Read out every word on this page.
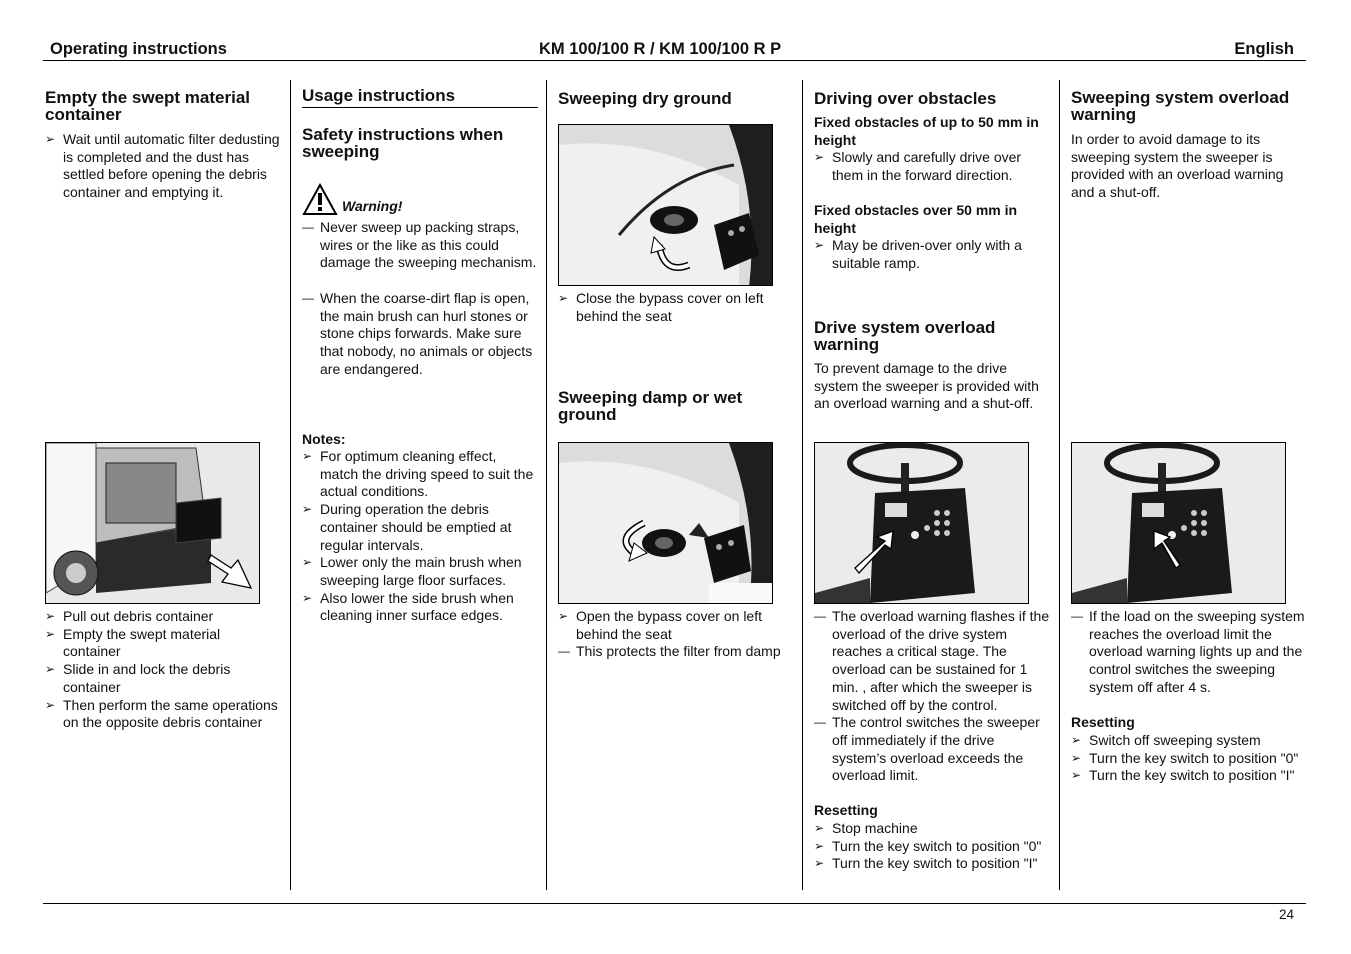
Operating instructions	KM 100/100 R / KM 100/100 R P	English
Empty the swept material container
➢ Wait until automatic filter dedusting is completed and the dust has settled before opening the debris container and emptying it.
➢ Pull out debris container
➢ Empty the swept material container
➢ Slide in and lock the debris container
➢ Then perform the same operations on the opposite debris container
Usage instructions
Safety instructions when sweeping
Warning!
— Never sweep up packing straps, wires or the like as this could damage the sweeping mechanism.
— When the coarse-dirt flap is open, the main brush can hurl stones or stone chips forwards. Make sure that nobody, no animals or objects are endangered.
Notes:
➢ For optimum cleaning effect, match the driving speed to suit the actual conditions.
➢ During operation the debris container should be emptied at regular intervals.
➢ Lower only the main brush when sweeping large floor surfaces.
➢ Also lower the side brush when cleaning inner surface edges.
Sweeping dry ground
➢ Close the bypass cover on left behind the seat
Sweeping damp or wet ground
➢ Open the bypass cover on left behind the seat
— This protects the filter from damp
Driving over obstacles
Fixed obstacles of up to 50 mm in height
➢ Slowly and carefully drive over them in the forward direction.
Fixed obstacles over 50 mm in height
➢ May be driven-over only with a suitable ramp.
Drive system overload warning
To prevent damage to the drive system the sweeper is provided with an overload warning and a shut-off.
— The overload warning flashes if the overload of the drive system reaches a critical stage. The overload can be sustained for 1 min. , after which the sweeper is switched off by the control.
— The control switches the sweeper off immediately if the drive system’s overload exceeds the overload limit.
Resetting
➢ Stop machine
➢ Turn the key switch to position "0"
➢ Turn the key switch to position "I"
Sweeping system overload warning
In order to avoid damage to its sweeping system the sweeper is provided with an overload warning and a shut-off.
— If the load on the sweeping system reaches the overload limit the overload warning lights up and the control switches the sweeping system off after 4 s.
Resetting
➢ Switch off sweeping system
➢ Turn the key switch to position "0"
➢ Turn the key switch to position "I"
24
